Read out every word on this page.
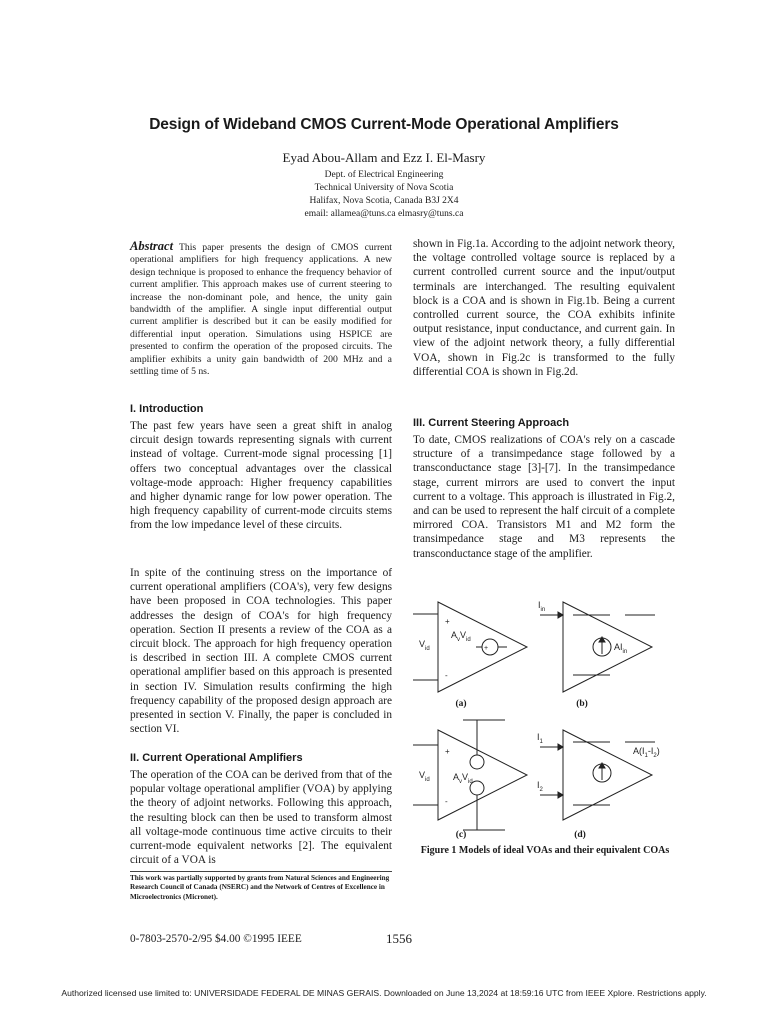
Design of Wideband CMOS Current-Mode Operational Amplifiers
Eyad Abou-Allam and Ezz I. El-Masry
Dept. of Electrical Engineering
Technical University of Nova Scotia
Halifax, Nova Scotia, Canada B3J 2X4
email: allamea@tuns.ca elmasry@tuns.ca
Abstract This paper presents the design of CMOS current operational amplifiers for high frequency applications. A new design technique is proposed to enhance the frequency behavior of current amplifier. This approach makes use of current steering to increase the non-dominant pole, and hence, the unity gain bandwidth of the amplifier. A single input differential output current amplifier is described but it can be easily modified for differential input operation. Simulations using HSPICE are presented to confirm the operation of the proposed circuits. The amplifier exhibits a unity gain bandwidth of 200 MHz and a settling time of 5 ns.
I. Introduction
The past few years have seen a great shift in analog circuit design towards representing signals with current instead of voltage. Current-mode signal processing [1] offers two conceptual advantages over the classical voltage-mode approach: Higher frequency capabilities and higher dynamic range for low power operation. The high frequency capability of current-mode circuits stems from the low impedance level of these circuits.
In spite of the continuing stress on the importance of current operational amplifiers (COA's), very few designs have been proposed in COA technologies. This paper addresses the design of COA's for high frequency operation. Section II presents a review of the COA as a circuit block. The approach for high frequency operation is described in section III. A complete CMOS current operational amplifier based on this approach is presented in section IV. Simulation results confirming the high frequency capability of the proposed design approach are presented in section V. Finally, the paper is concluded in section VI.
II. Current Operational Amplifiers
The operation of the COA can be derived from that of the popular voltage operational amplifier (VOA) by applying the theory of adjoint networks. Following this approach, the resulting block can then be used to transform almost all voltage-mode continuous time active circuits to their current-mode equivalent networks [2]. The equivalent circuit of a VOA is
This work was partially supported by grants from Natural Sciences and Engineering Research Council of Canada (NSERC) and the Network of Centres of Excellence in Microelectronics (Micronet).
0-7803-2570-2/95 $4.00 ©1995 IEEE	1556
shown in Fig.1a. According to the adjoint network theory, the voltage controlled voltage source is replaced by a current controlled current source and the input/output terminals are interchanged. The resulting equivalent block is a COA and is shown in Fig.1b. Being a current controlled current source, the COA exhibits infinite output resistance, input conductance, and current gain. In view of the adjoint network theory, a fully differential VOA, shown in Fig.2c is transformed to the fully differential COA is shown in Fig.2d.
III. Current Steering Approach
To date, CMOS realizations of COA's rely on a cascade structure of a transimpedance stage followed by a transconductance stage [3]-[7]. In the transimpedance stage, current mirrors are used to convert the input current to a voltage. This approach is illustrated in Fig.2, and can be used to represent the half circuit of a complete mirrored COA. Transistors M1 and M2 form the transimpedance stage and M3 represents the transconductance stage of the amplifier.
+
-
$V_{id}$
$A_vV_{id}$
+
$I_{in}$
$AI_{in}$
+
-
$V_{id}$	$A_vV_{id}$
$I_1$
$I_2$
$A(I_1-I_2)$
(a)	(b)
(c)	(d)
Figure 1 Models of ideal VOAs and their equivalent COAs
Authorized licensed use limited to: UNIVERSIDADE FEDERAL DE MINAS GERAIS. Downloaded on June 13,2024 at 18:59:16 UTC from IEEE Xplore. Restrictions apply.
